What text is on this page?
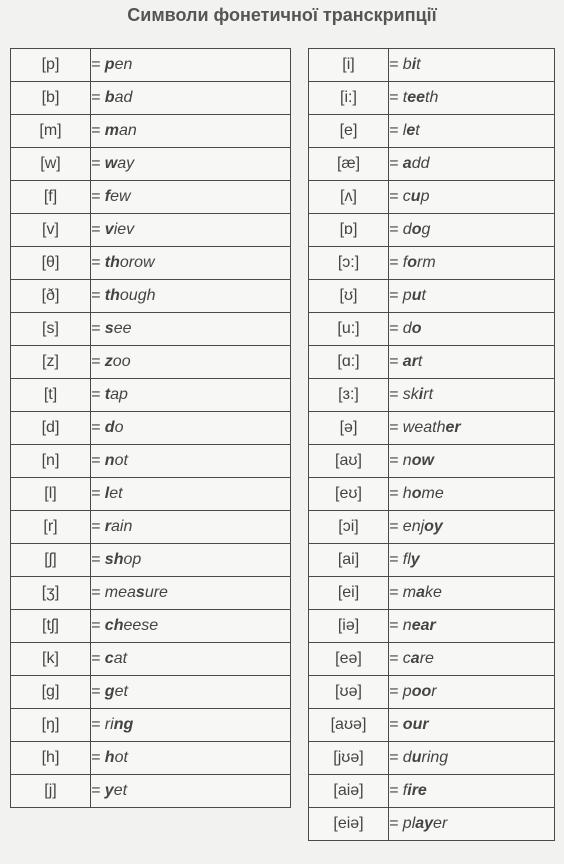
Символи фонетичної транскрипції
[p]	= pen
[b]	= bad
[m]	= man
[w]	= way
[f]	= few
[v]	= viev
[θ]	= thorow
[ð]	= though
[s]	= see
[z]	= zoo
[t]	= tap
[d]	= do
[n]	= not
[l]	= let
[r]	= rain
[ʃ]	= shop
[ʒ]	= measure
[tʃ]	= cheese
[k]	= cat
[g]	= get
[ŋ]	= ring
[h]	= hot
[j]	= yet
[i]	= bit
[i:]	= teeth
[e]	= let
[æ]	= add
[ʌ]	= cup
[ɒ]	= dog
[ɔ:]	= form
[ʊ]	= put
[u:]	= do
[ɑ:]	= art
[ɜ:]	= skirt
[ə]	= weather
[aʊ]	= now
[eʊ]	= home
[ɔi]	= enjoy
[ai]	= fly
[ei]	= make
[iə]	= near
[eə]	= care
[ʊə]	= poor
[aʊə]	= our
[jʊə]	= during
[aiə]	= fire
[eiə]	= player
